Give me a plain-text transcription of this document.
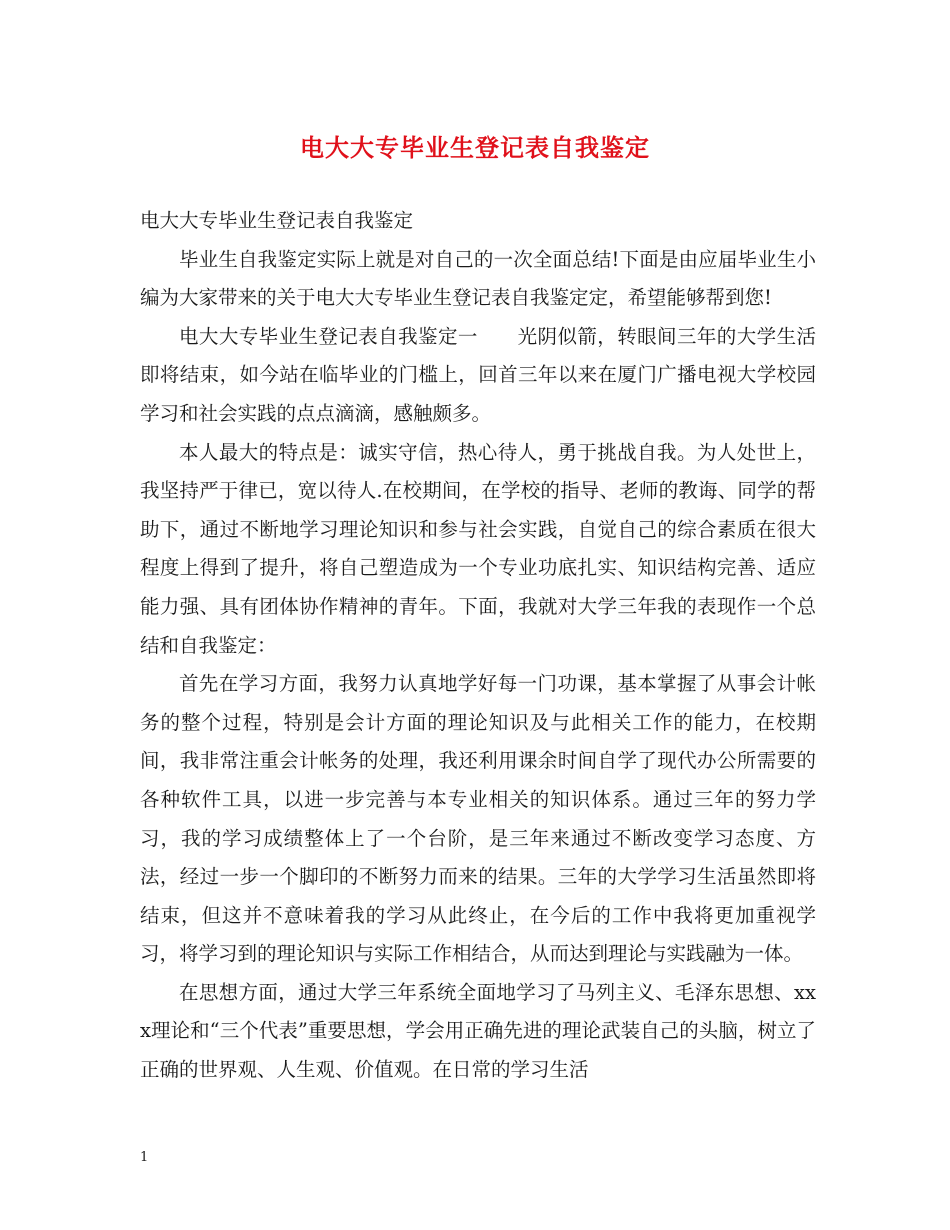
电大大专毕业生登记表自我鉴定

电大大专毕业生登记表自我鉴定

毕业生自我鉴定实际上就是对自己的一次全面总结!下面是由应届毕业生小编为大家带来的关于电大大专毕业生登记表自我鉴定定，希望能够帮到您!

电大大专毕业生登记表自我鉴定一　　光阴似箭，转眼间三年的大学生活即将结束，如今站在临毕业的门槛上，回首三年以来在厦门广播电视大学校园学习和社会实践的点点滴滴，感触颇多。

本人最大的特点是：诚实守信，热心待人，勇于挑战自我。为人处世上，我坚持严于律已，宽以待人.在校期间，在学校的指导、老师的教诲、同学的帮助下，通过不断地学习理论知识和参与社会实践，自觉自己的综合素质在很大程度上得到了提升，将自己塑造成为一个专业功底扎实、知识结构完善、适应能力强、具有团体协作精神的青年。下面，我就对大学三年我的表现作一个总结和自我鉴定：

首先在学习方面，我努力认真地学好每一门功课，基本掌握了从事会计帐务的整个过程，特别是会计方面的理论知识及与此相关工作的能力，在校期间，我非常注重会计帐务的处理，我还利用课余时间自学了现代办公所需要的各种软件工具，以进一步完善与本专业相关的知识体系。通过三年的努力学习，我的学习成绩整体上了一个台阶，是三年来通过不断改变学习态度、方法，经过一步一个脚印的不断努力而来的结果。三年的大学学习生活虽然即将结束，但这并不意味着我的学习从此终止，在今后的工作中我将更加重视学习，将学习到的理论知识与实际工作相结合，从而达到理论与实践融为一体。

在思想方面，通过大学三年系统全面地学习了马列主义、毛泽东思想、xxx理论和“三个代表”重要思想，学会用正确先进的理论武装自己的头脑，树立了正确的世界观、人生观、价值观。在日常的学习生活

1
